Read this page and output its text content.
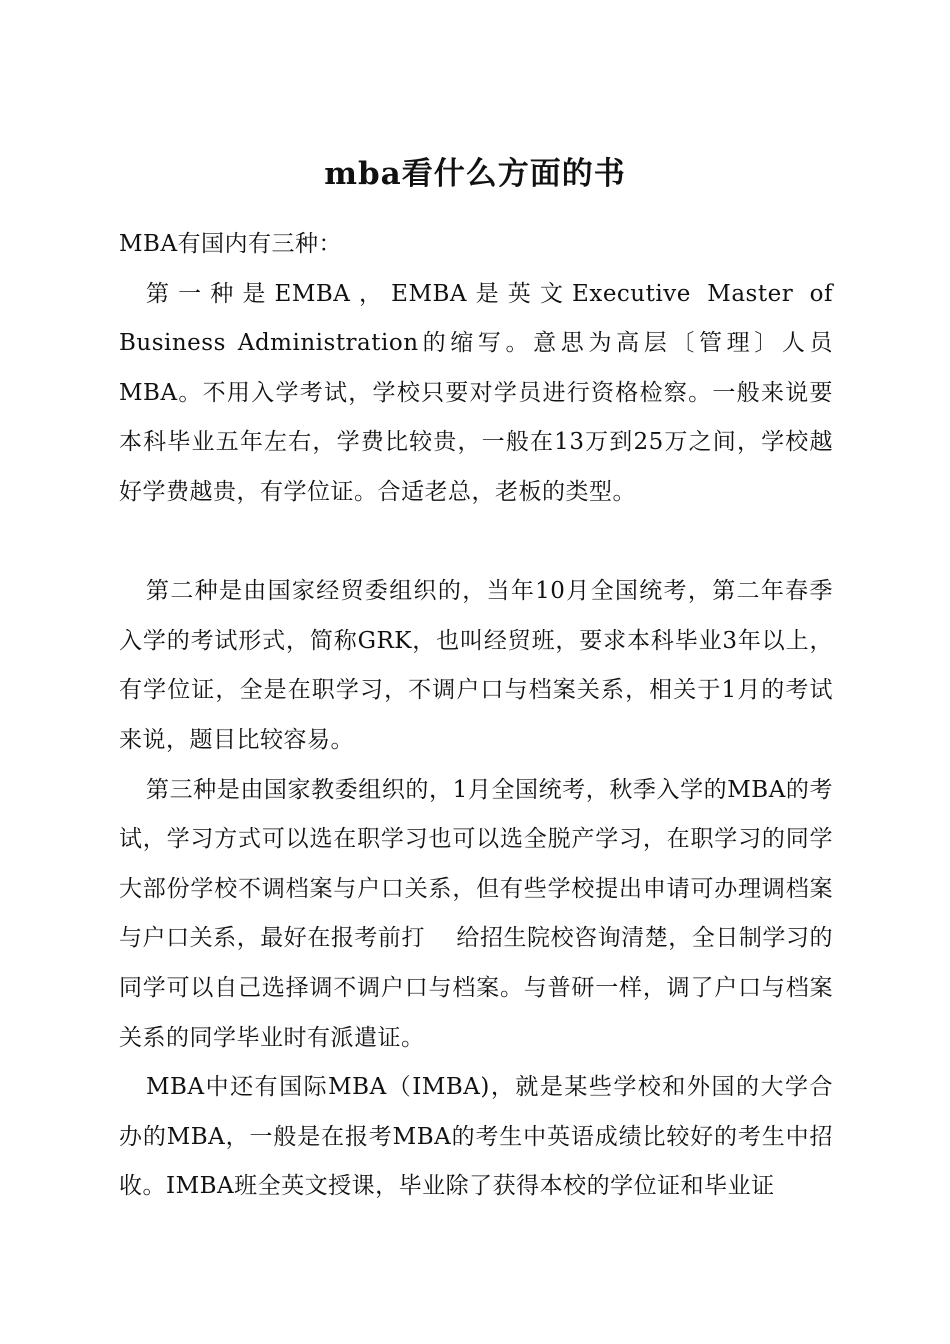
mba看什么方面的书

MBA有国内有三种：

第一种是EMBA，EMBA是英文Executive Master of Business Administration的缩写。意思为高层〔管理〕人员MBA。不用入学考试，学校只要对学员进行资格检察。一般来说要本科毕业五年左右，学费比较贵，一般在13万到25万之间，学校越好学费越贵，有学位证。合适老总，老板的类型。

第二种是由国家经贸委组织的，当年10月全国统考，第二年春季入学的考试形式，简称GRK，也叫经贸班，要求本科毕业3年以上，有学位证，全是在职学习，不调户口与档案关系，相关于1月的考试来说，题目比较容易。

第三种是由国家教委组织的，1月全国统考，秋季入学的MBA的考试，学习方式可以选在职学习也可以选全脱产学习，在职学习的同学大部份学校不调档案与户口关系，但有些学校提出申请可办理调档案与户口关系，最好在报考前打　 给招生院校咨询清楚，全日制学习的同学可以自己选择调不调户口与档案。与普研一样，调了户口与档案关系的同学毕业时有派遣证。

MBA中还有国际MBA（IMBA)，就是某些学校和外国的大学合办的MBA，一般是在报考MBA的考生中英语成绩比较好的考生中招收。IMBA班全英文授课，毕业除了获得本校的学位证和毕业证
